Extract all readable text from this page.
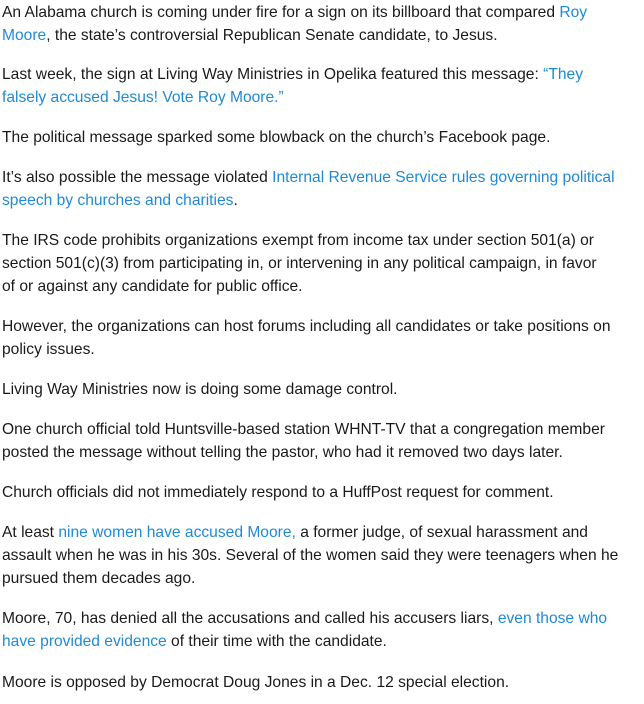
An Alabama church is coming under fire for a sign on its billboard that compared Roy
Moore, the state’s controversial Republican Senate candidate, to Jesus.

Last week, the sign at Living Way Ministries in Opelika featured this message: “They
falsely accused Jesus! Vote Roy Moore.”

The political message sparked some blowback on the church’s Facebook page.

It’s also possible the message violated Internal Revenue Service rules governing political
speech by churches and charities.

The IRS code prohibits organizations exempt from income tax under section 501(a) or
section 501(c)(3) from participating in, or intervening in any political campaign, in favor
of or against any candidate for public office.

However, the organizations can host forums including all candidates or take positions on
policy issues.

Living Way Ministries now is doing some damage control.

One church official told Huntsville-based station WHNT-TV that a congregation member
posted the message without telling the pastor, who had it removed two days later.

Church officials did not immediately respond to a HuffPost request for comment.

At least nine women have accused Moore, a former judge, of sexual harassment and
assault when he was in his 30s. Several of the women said they were teenagers when he
pursued them decades ago.

Moore, 70, has denied all the accusations and called his accusers liars, even those who
have provided evidence of their time with the candidate.

Moore is opposed by Democrat Doug Jones in a Dec. 12 special election.
